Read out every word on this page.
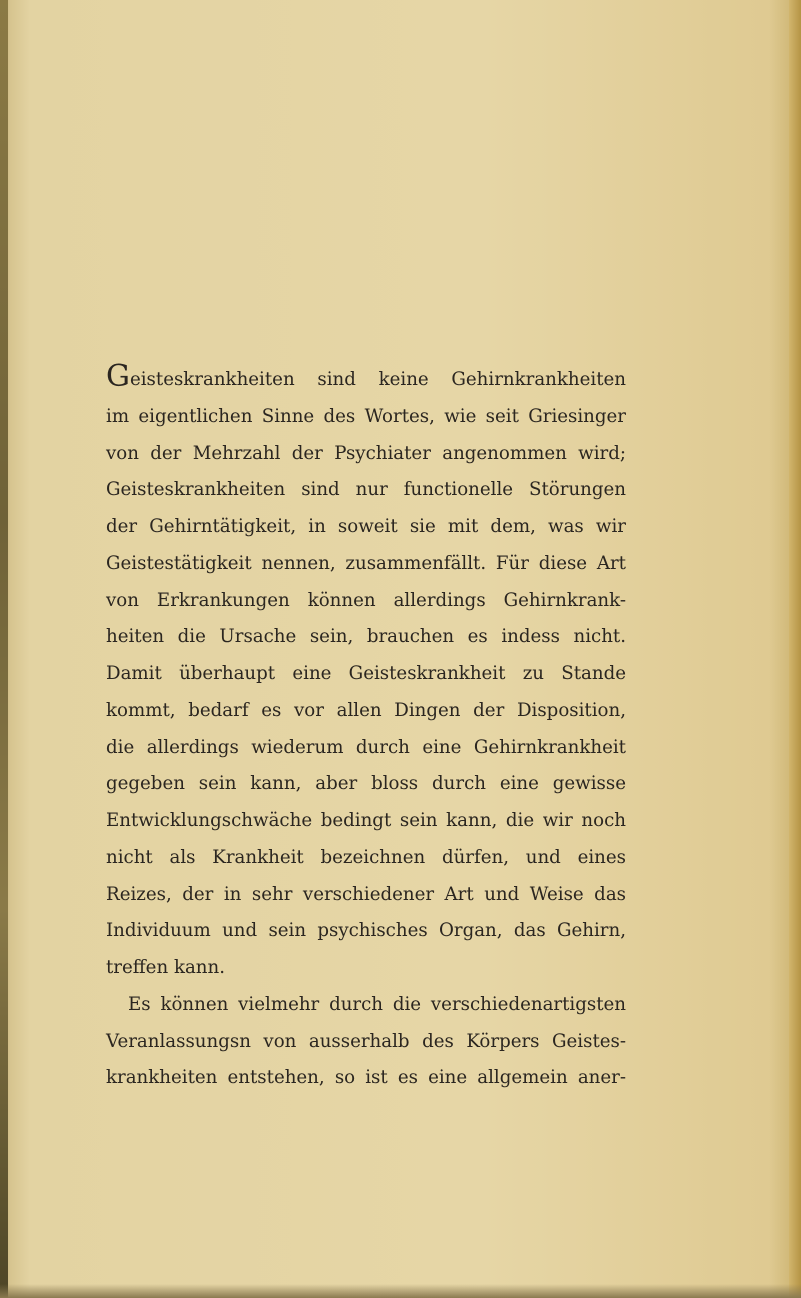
Geisteskrankheiten sind keine Gehirnkrankheiten
im eigentlichen Sinne des Wortes, wie seit Griesinger
von der Mehrzahl der Psychiater angenommen wird;
Geisteskrankheiten sind nur functionelle Störungen
der Gehirntätigkeit, in soweit sie mit dem, was wir
Geistestätigkeit nennen, zusammenfällt. Für diese Art
von Erkrankungen können allerdings Gehirnkrank-
heiten die Ursache sein, brauchen es indess nicht.
Damit überhaupt eine Geisteskrankheit zu Stande
kommt, bedarf es vor allen Dingen der Disposition,
die allerdings wiederum durch eine Gehirnkrankheit
gegeben sein kann, aber bloss durch eine gewisse
Entwicklungschwäche bedingt sein kann, die wir noch
nicht als Krankheit bezeichnen dürfen, und eines
Reizes, der in sehr verschiedener Art und Weise das
Individuum und sein psychisches Organ, das Gehirn,
treffen kann.
Es können vielmehr durch die verschiedenartigsten
Veranlassungsn von ausserhalb des Körpers Geistes-
krankheiten entstehen, so ist es eine allgemein aner-
